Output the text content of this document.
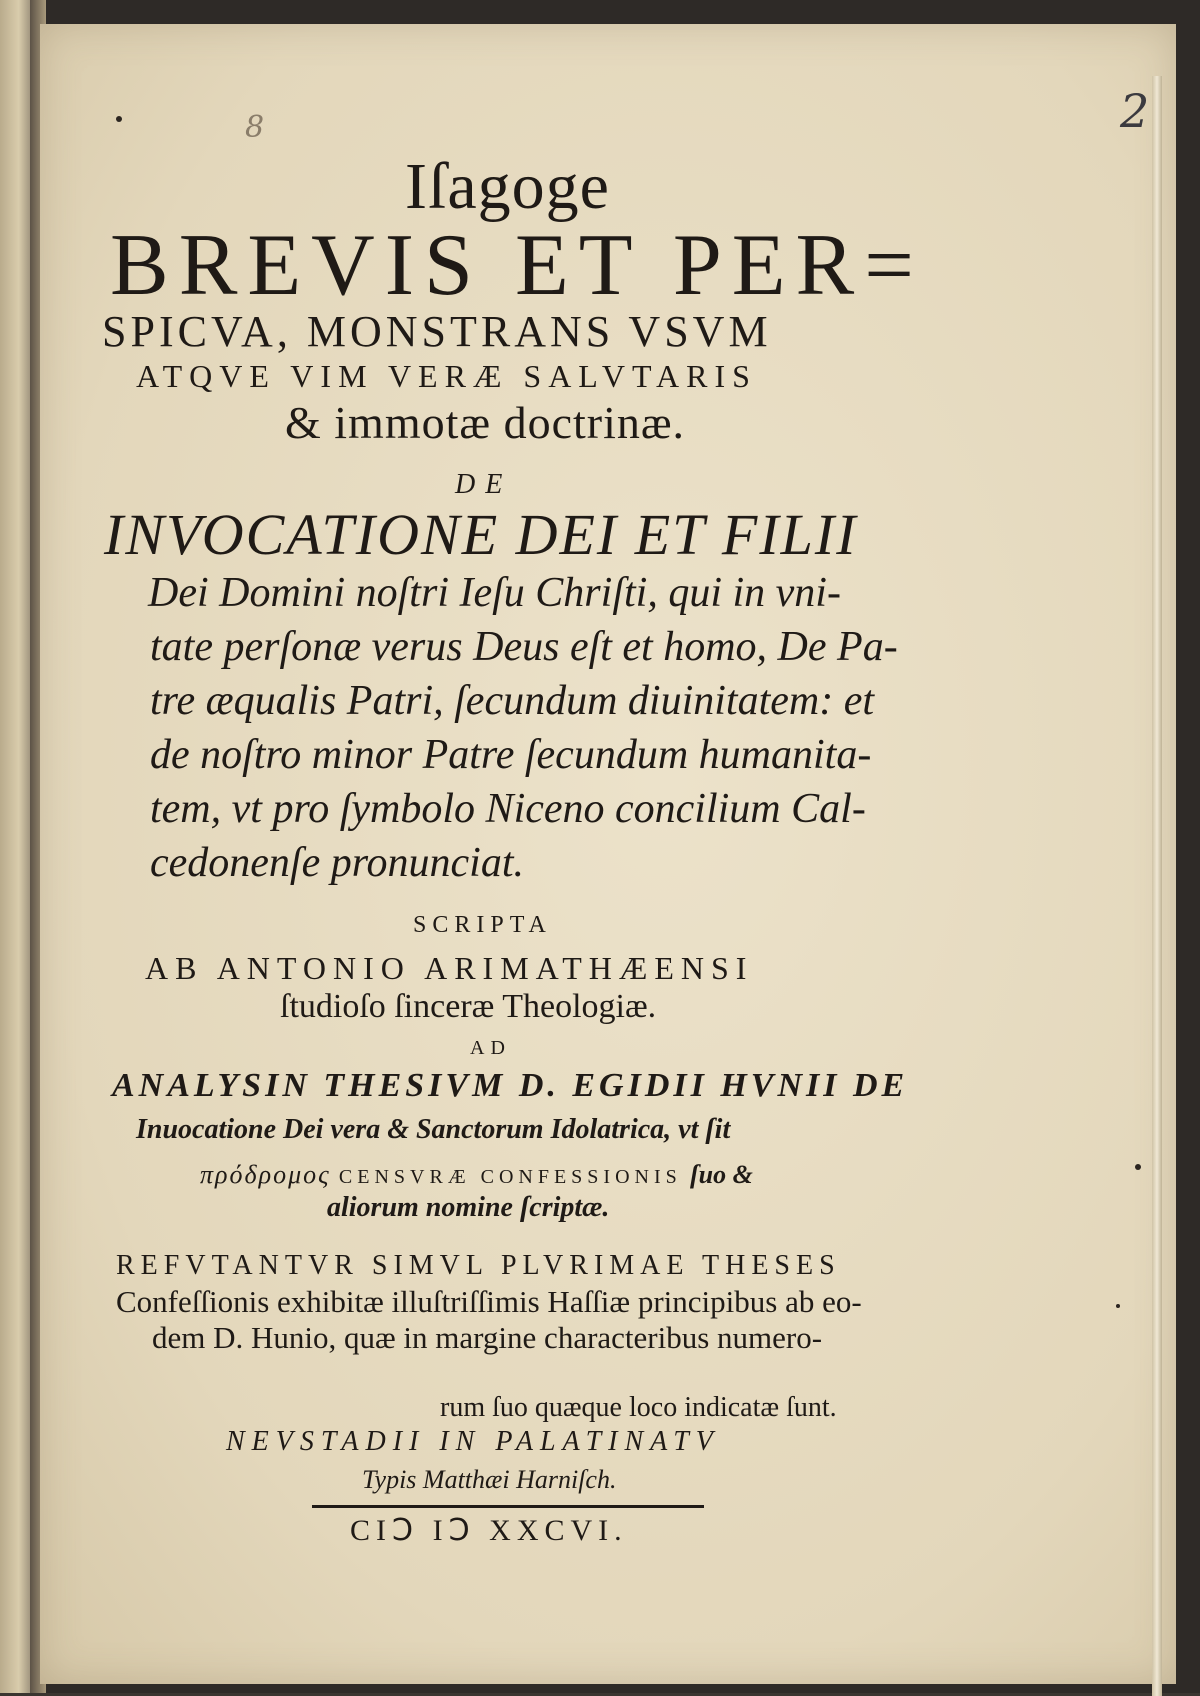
2
8
Iſagoge
BREVIS ET PER=
SPICVA, MONSTRANS VSVM
ATQVE VIM VERÆ SALVTARIS
& immotæ doctrinæ.
DE
INVOCATIONE DEI ET FILII
Dei Domini noſtri Ieſu Chriſti, qui in vni-
tate perſonæ verus Deus eſt et homo, De Pa-
tre æqualis Patri, ſecundum diuinitatem: et
de noſtro minor Patre ſecundum humanita-
tem, vt pro ſymbolo Niceno concilium Cal-
cedonenſe pronunciat.
SCRIPTA
AB ANTONIO ARIMATHÆENSI
ſtudioſo ſinceræ Theologiæ.
AD
ANALYSIN THESIVM D. EGIDII HVNII DE
Inuocatione Dei vera & Sanctorum Idolatrica, vt ſit
πρόδρομος CENSVRÆ CONFESSIONIS ſuo &
aliorum nomine ſcriptæ.
REFVTANTVR SIMVL PLVRIMAE THESES
Confeſſionis exhibitæ illuſtriſſimis Haſſiæ principibus ab eo-
dem D. Hunio, quæ in margine characteribus numero-
rum ſuo quæque loco indicatæ ſunt.
NEVSTADII IN PALATINATV
Typis Matthæi Harniſch.
CIↃ IↃ XXCVI.
